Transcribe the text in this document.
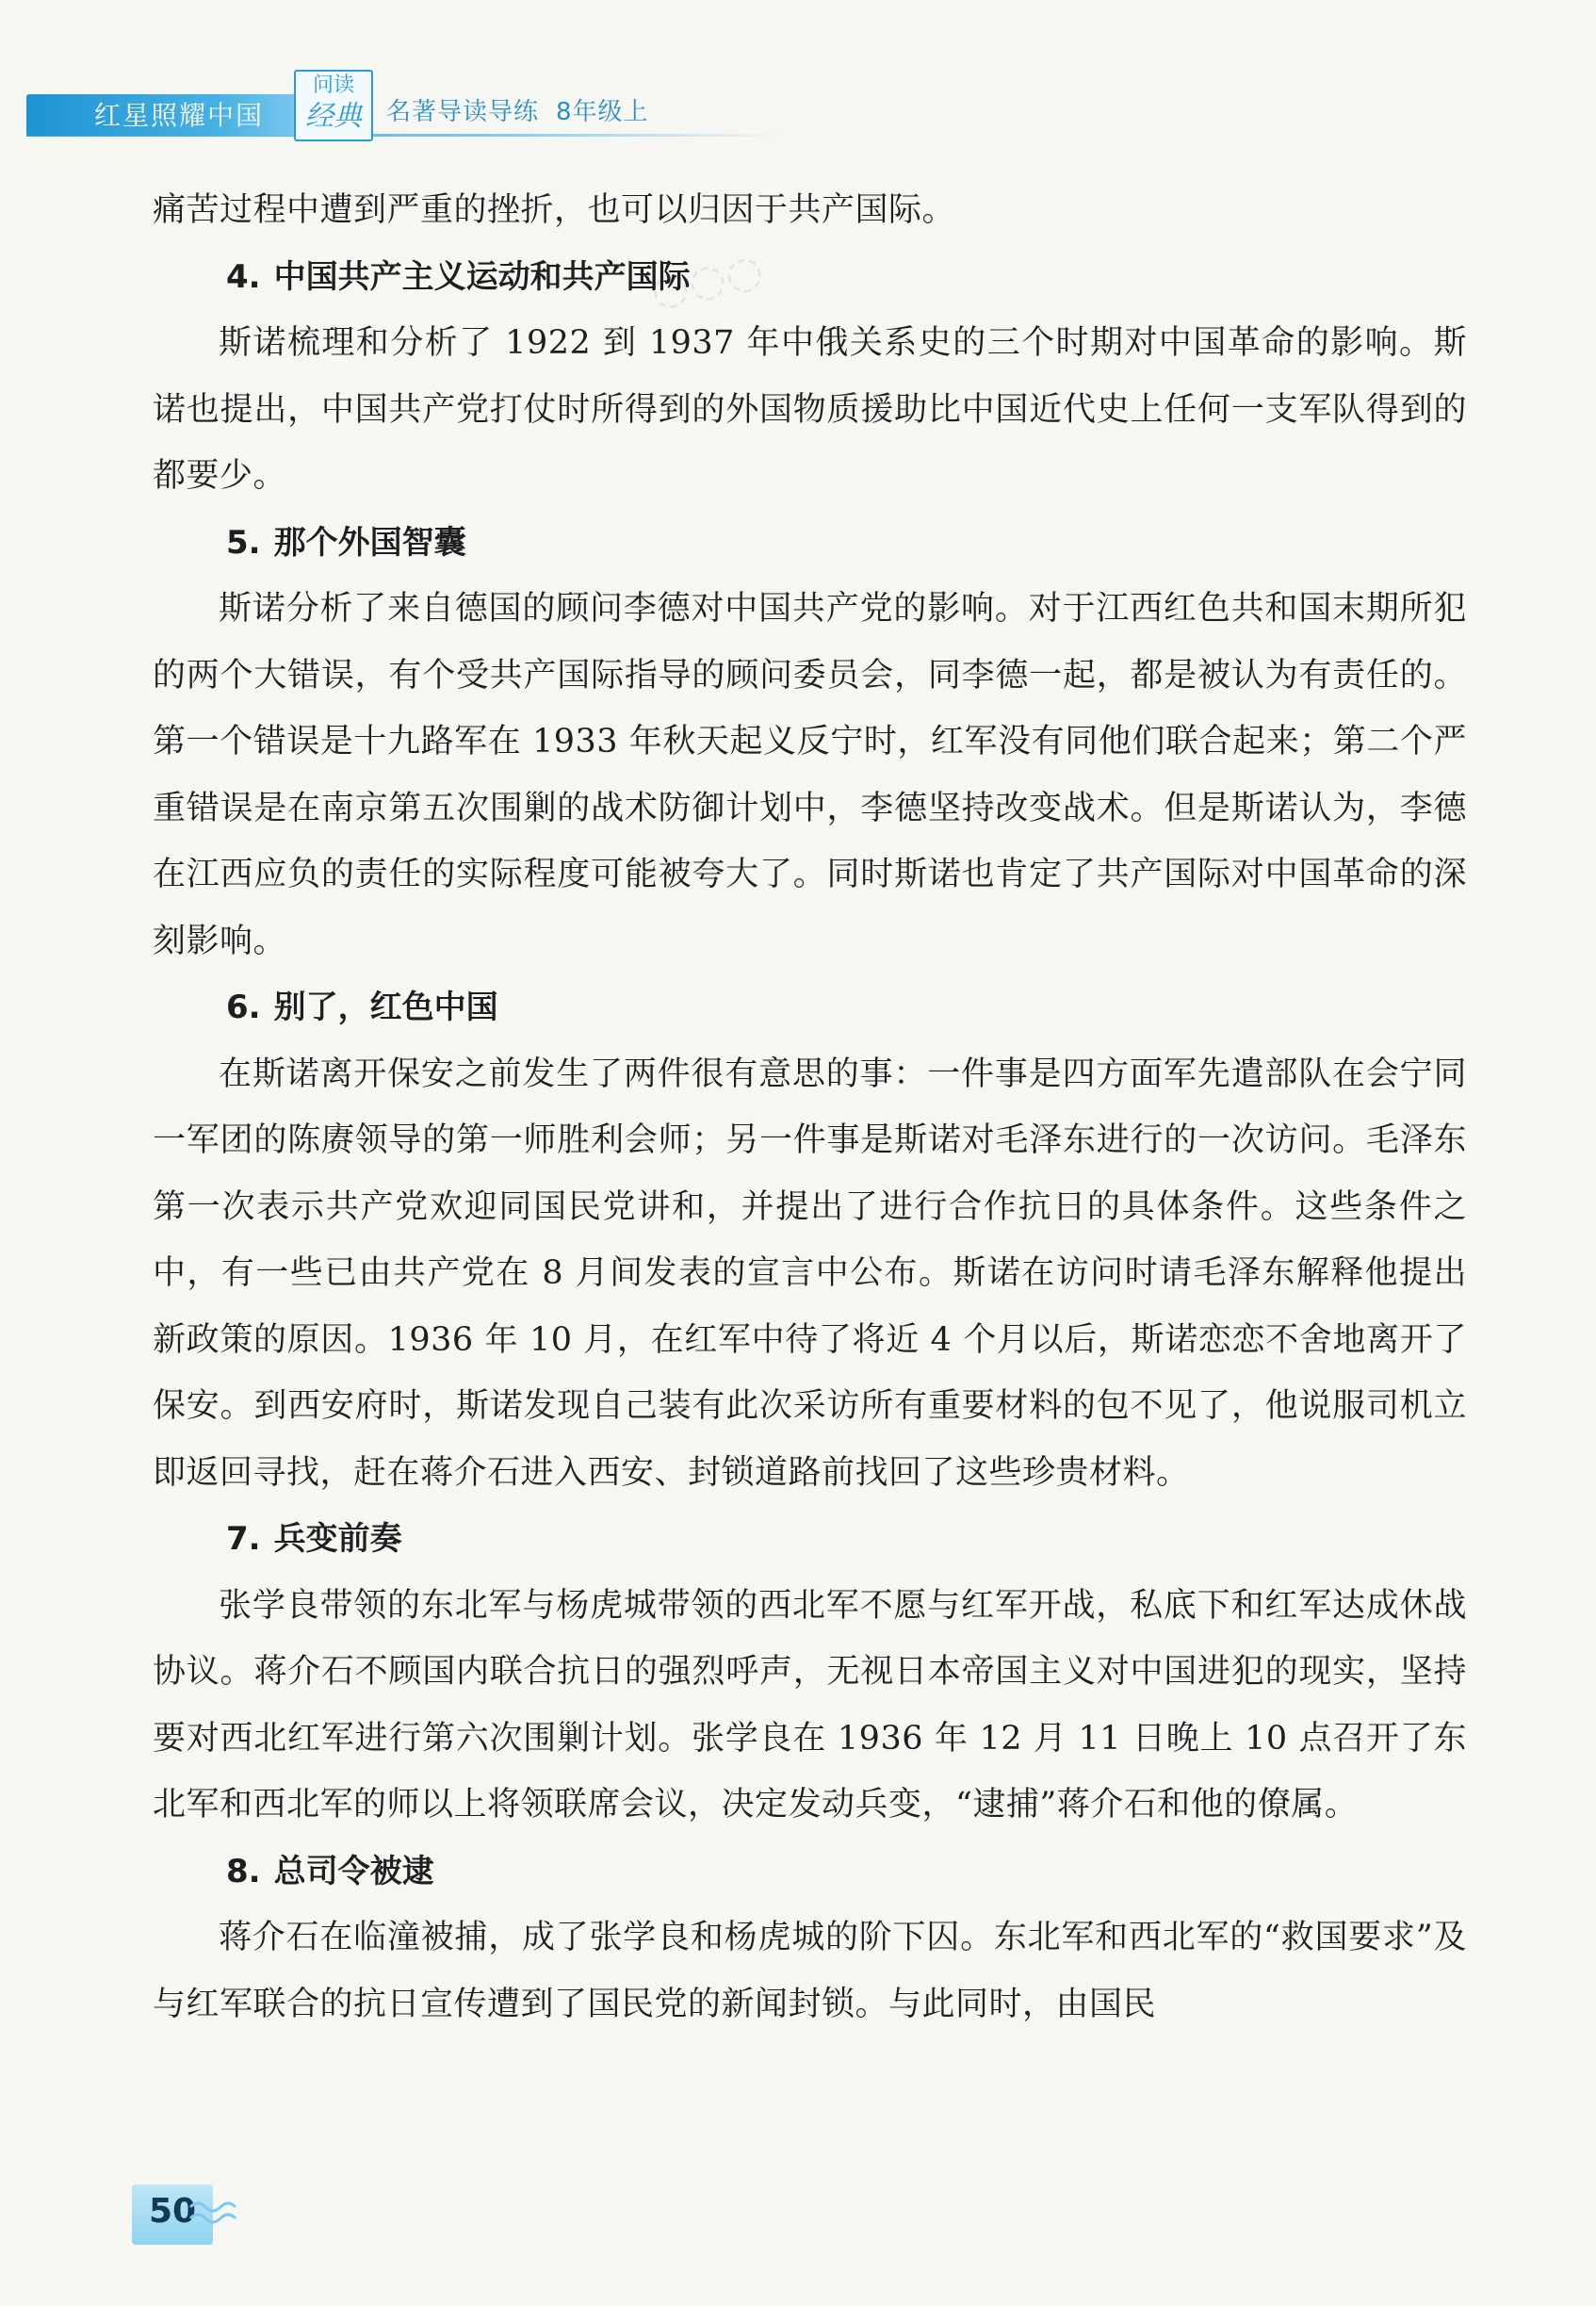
红星照耀中国
问读
经典	名著导读导练 8年级上
◌◌◌

痛苦过程中遭到严重的挫折，也可以归因于共产国际。

4. 中国共产主义运动和共产国际

斯诺梳理和分析了 1922 到 1937 年中俄关系史的三个时期对中国革命的影响。斯诺也提出，中国共产党打仗时所得到的外国物质援助比中国近代史上任何一支军队得到的都要少。

5. 那个外国智囊

斯诺分析了来自德国的顾问李德对中国共产党的影响。对于江西红色共和国末期所犯的两个大错误，有个受共产国际指导的顾问委员会，同李德一起，都是被认为有责任的。第一个错误是十九路军在 1933 年秋天起义反宁时，红军没有同他们联合起来；第二个严重错误是在南京第五次围剿的战术防御计划中，李德坚持改变战术。但是斯诺认为，李德在江西应负的责任的实际程度可能被夸大了。同时斯诺也肯定了共产国际对中国革命的深刻影响。

6. 别了，红色中国

在斯诺离开保安之前发生了两件很有意思的事：一件事是四方面军先遣部队在会宁同一军团的陈赓领导的第一师胜利会师；另一件事是斯诺对毛泽东进行的一次访问。毛泽东第一次表示共产党欢迎同国民党讲和，并提出了进行合作抗日的具体条件。这些条件之中，有一些已由共产党在 8 月间发表的宣言中公布。斯诺在访问时请毛泽东解释他提出新政策的原因。1936 年 10 月，在红军中待了将近 4 个月以后，斯诺恋恋不舍地离开了保安。到西安府时，斯诺发现自己装有此次采访所有重要材料的包不见了，他说服司机立即返回寻找，赶在蒋介石进入西安、封锁道路前找回了这些珍贵材料。

7. 兵变前奏

张学良带领的东北军与杨虎城带领的西北军不愿与红军开战，私底下和红军达成休战协议。蒋介石不顾国内联合抗日的强烈呼声，无视日本帝国主义对中国进犯的现实，坚持要对西北红军进行第六次围剿计划。张学良在 1936 年 12 月 11 日晚上 10 点召开了东北军和西北军的师以上将领联席会议，决定发动兵变，“逮捕”蒋介石和他的僚属。

8. 总司令被逮

蒋介石在临潼被捕，成了张学良和杨虎城的阶下囚。东北军和西北军的“救国要求”及与红军联合的抗日宣传遭到了国民党的新闻封锁。与此同时，由国民

50
